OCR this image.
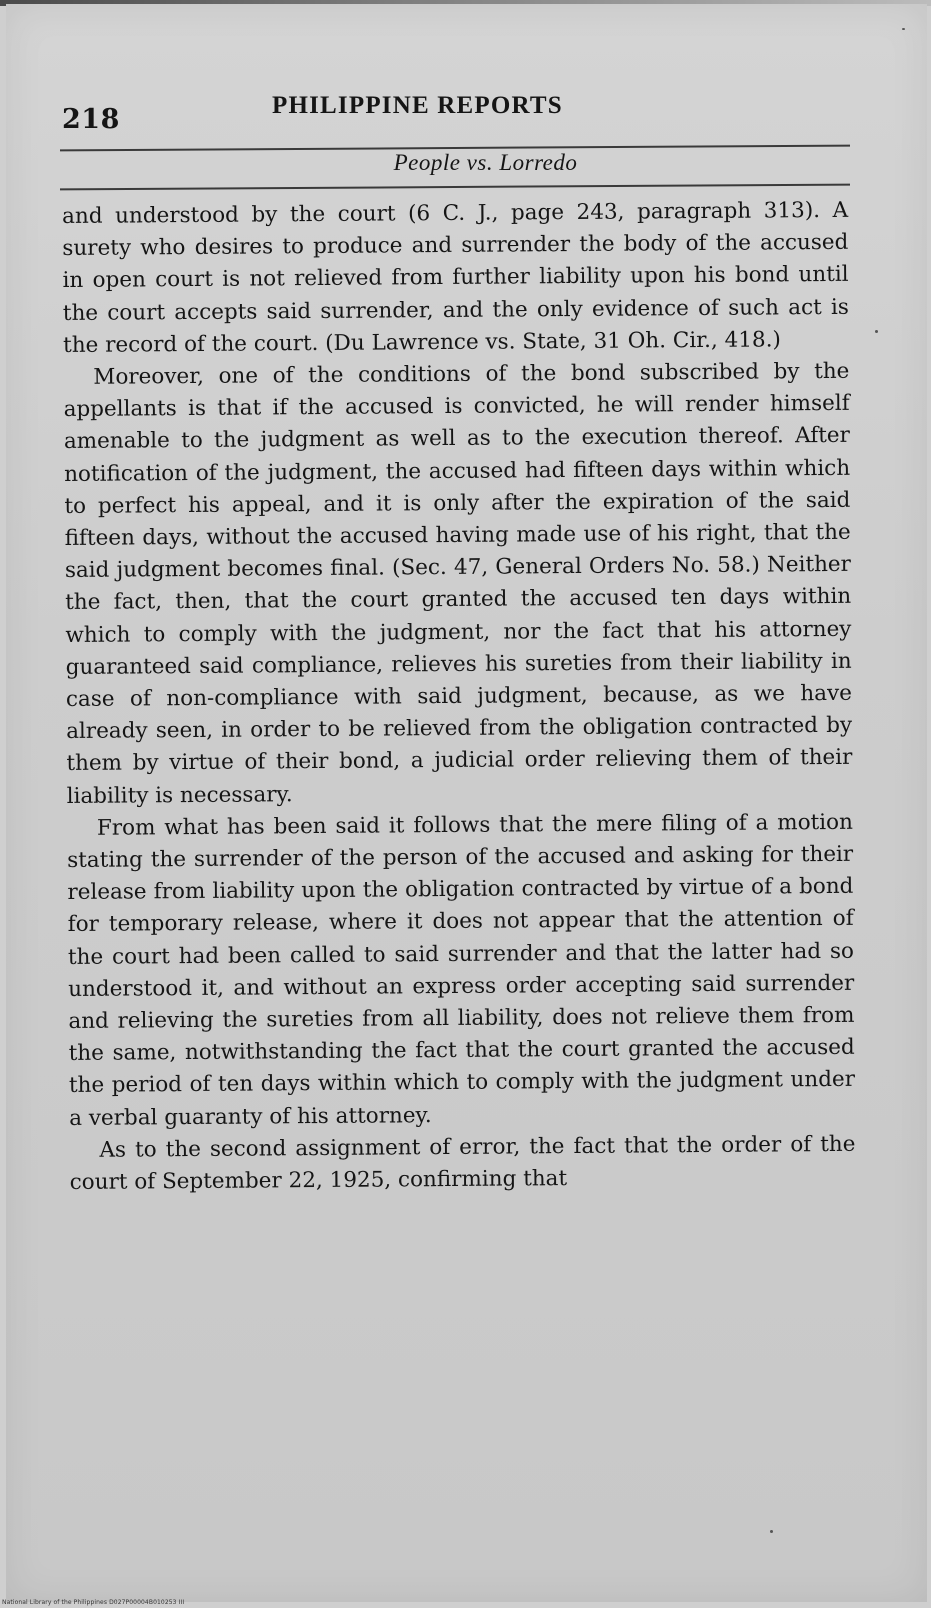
218	PHILIPPINE REPORTS
People vs. Lorredo

and understood by the court (6 C. J., page 243, paragraph 313). A surety who desires to produce and surrender the body of the accused in open court is not relieved from further liability upon his bond until the court accepts said surrender, and the only evidence of such act is the record of the court. (Du Lawrence vs. State, 31 Oh. Cir., 418.)

Moreover, one of the conditions of the bond subscribed by the appellants is that if the accused is convicted, he will render himself amenable to the judgment as well as to the execution thereof. After notification of the judgment, the accused had fifteen days within which to perfect his appeal, and it is only after the expiration of the said fifteen days, without the accused having made use of his right, that the said judgment becomes final. (Sec. 47, General Orders No. 58.) Neither the fact, then, that the court granted the accused ten days within which to comply with the judgment, nor the fact that his attorney guaranteed said compliance, relieves his sureties from their liability in case of non-compliance with said judgment, because, as we have already seen, in order to be relieved from the obligation contracted by them by virtue of their bond, a judicial order relieving them of their liability is necessary.

From what has been said it follows that the mere filing of a motion stating the surrender of the person of the accused and asking for their release from liability upon the obligation contracted by virtue of a bond for temporary release, where it does not appear that the attention of the court had been called to said surrender and that the latter had so understood it, and without an express order accepting said surrender and relieving the sureties from all liability, does not relieve them from the same, notwithstanding the fact that the court granted the accused the period of ten days within which to comply with the judgment under a verbal guaranty of his attorney.

As to the second assignment of error, the fact that the order of the court of September 22, 1925, confirming that

National Library of the Philippines D027P00004B010253 III
